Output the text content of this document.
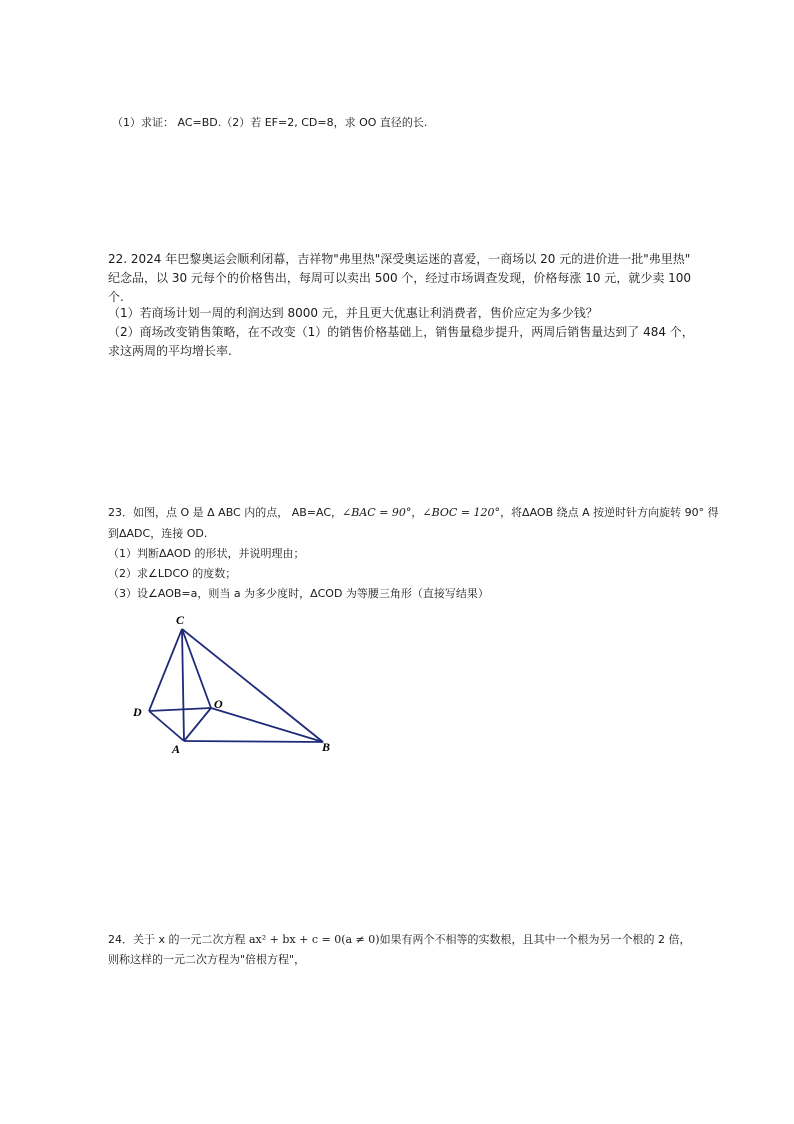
（1）求证： AC=BD.（2）若 EF=2, CD=8，求 OO 直径的长.
22. 2024 年巴黎奥运会顺利闭幕，吉祥物"弗里热"深受奥运迷的喜爱，一商场以 20 元的进价进一批"弗里热"
纪念品，以 30 元每个的价格售出，每周可以卖出 500 个，经过市场调查发现，价格每涨 10 元，就少卖 100
个.
（1）若商场计划一周的利润达到 8000 元，并且更大优惠让利消费者，售价应定为多少钱？
（2）商场改变销售策略，在不改变（1）的销售价格基础上，销售量稳步提升，两周后销售量达到了 484 个，
求这两周的平均增长率.
23．如图，点 O 是 Δ ABC 内的点， AB=AC，∠BAC = 90°，∠BOC = 120°，将ΔAOB 绕点 A 按逆时针方向旋转 90° 得
到ΔADC，连接 OD.
（1）判断ΔAOD 的形状，并说明理由；
（2）求∠LDCO 的度数；
（3）设∠AOB=a，则当 a 为多少度时，ΔCOD 为等腰三角形（直接写结果）
C
D
O
A	B
24．关于 x 的一元二次方程 ax² + bx + c = 0(a ≠ 0)如果有两个不相等的实数根，且其中一个根为另一个根的 2 倍，
则称这样的一元二次方程为"倍根方程"，
